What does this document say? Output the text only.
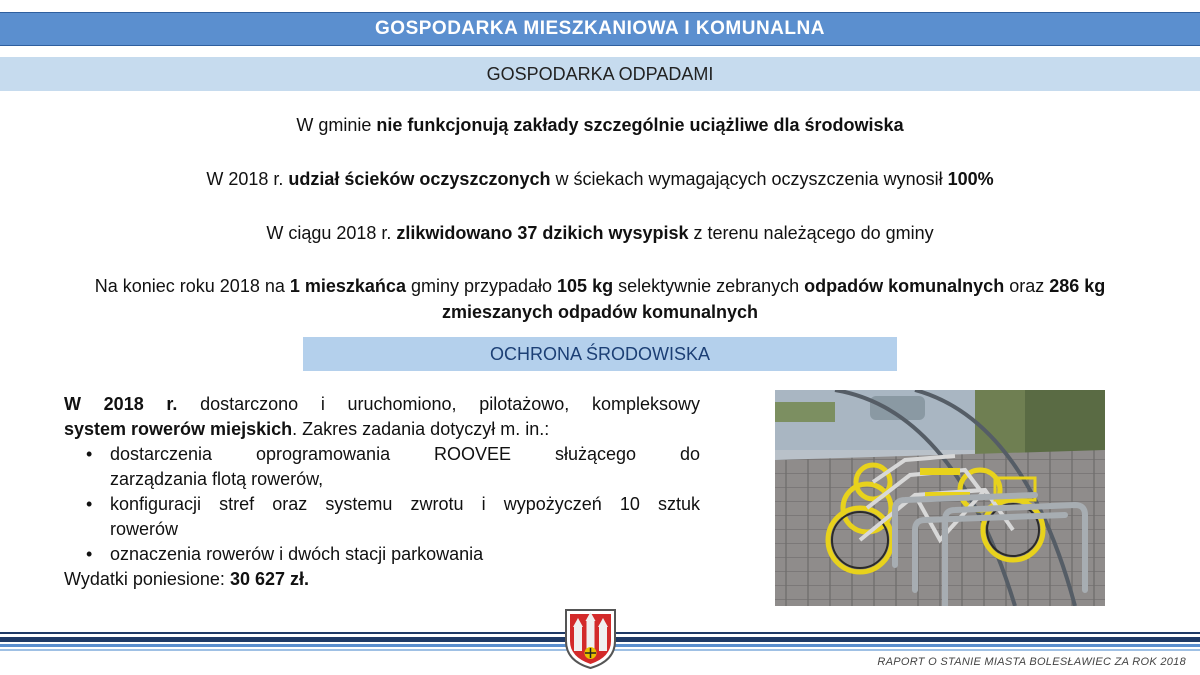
GOSPODARKA MIESZKANIOWA I KOMUNALNA
GOSPODARKA ODPADAMI
W gminie nie funkcjonują zakłady szczególnie uciążliwe dla środowiska
W 2018 r. udział ścieków oczyszczonych w ściekach wymagających oczyszczenia wynosił 100%
W ciągu 2018 r. zlikwidowano 37 dzikich wysypisk z terenu należącego do gminy
Na koniec roku 2018 na 1 mieszkańca gminy przypadało 105 kg selektywnie zebranych odpadów komunalnych oraz 286 kg
zmieszanych odpadów komunalnych
OCHRONA ŚRODOWISKA
W 2018 r. dostarczono i uruchomiono, pilotażowo, kompleksowy
system rowerów miejskich. Zakres zadania dotyczył m. in.:
• dostarczenia oprogramowania ROOVEE służącego do
zarządzania flotą rowerów,
• konfiguracji stref oraz systemu zwrotu i wypożyczeń 10 sztuk
rowerów
• oznaczenia rowerów i dwóch stacji parkowania
Wydatki poniesione: 30 627 zł.
RAPORT O STANIE MIASTA BOLESŁAWIEC ZA ROK 2018
